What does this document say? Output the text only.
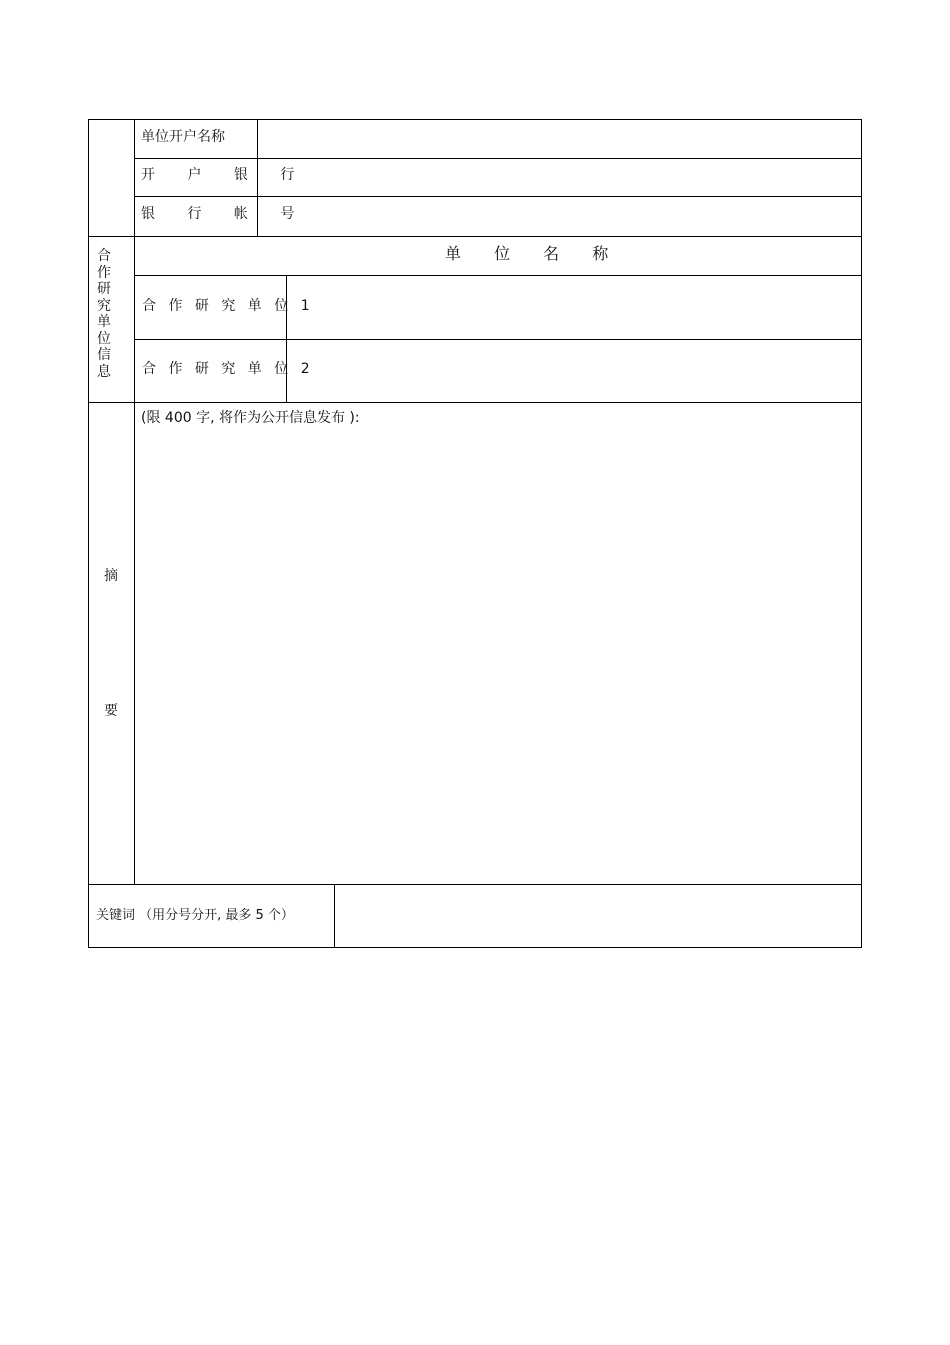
单位开户名称
开 户 银 行
银 行 帐 号
合
作
研
究
单
位
信
息
单 位 名 称
合 作 研 究 单 位 1
合 作 研 究 单 位 2
摘
要
(限 400 字, 将作为公开信息发布 ):
关键词 （用分号分开, 最多 5 个）
